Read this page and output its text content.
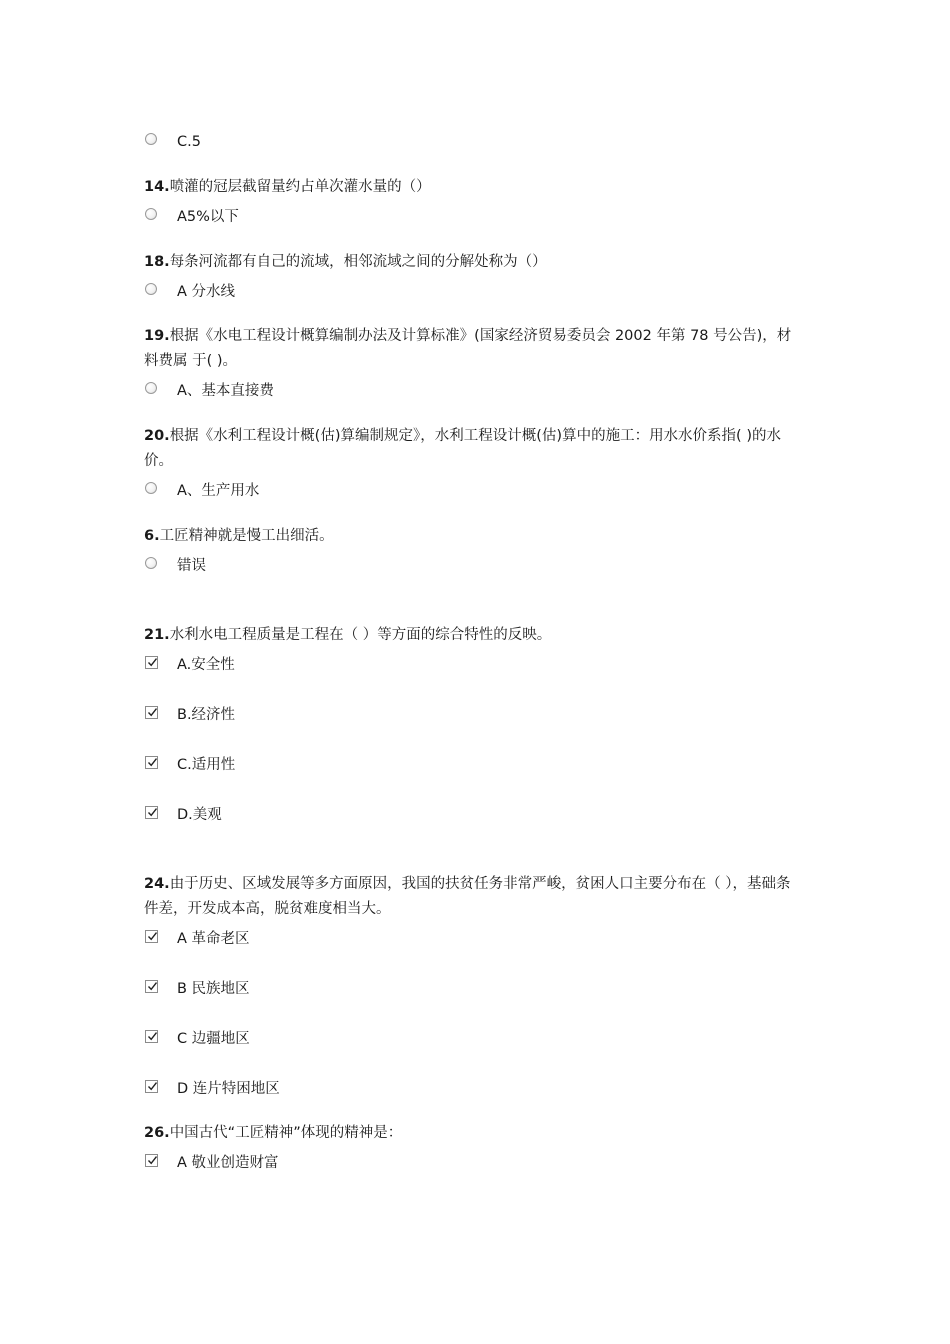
C.5
14.喷灌的冠层截留量约占单次灌水量的（）
A5%以下
18.每条河流都有自己的流域，相邻流域之间的分解处称为（）
A 分水线
19.根据《水电工程设计概算编制办法及计算标准》(国家经济贸易委员会 2002 年第 78 号公告)，材料费属 于( )。
A、基本直接费
20.根据《水利工程设计概(估)算编制规定》，水利工程设计概(估)算中的施工：用水水价系指( )的水价。
A、生产用水
6.工匠精神就是慢工出细活。
错误
21.水利水电工程质量是工程在（ ）等方面的综合特性的反映。
A.安全性
B.经济性
C.适用性
D.美观
24.由于历史、区域发展等多方面原因，我国的扶贫任务非常严峻，贫困人口主要分布在（ ），基础条件差，开发成本高，脱贫难度相当大。
A 革命老区
B 民族地区
C 边疆地区
D 连片特困地区
26.中国古代“工匠精神”体现的精神是：
A 敬业创造财富
